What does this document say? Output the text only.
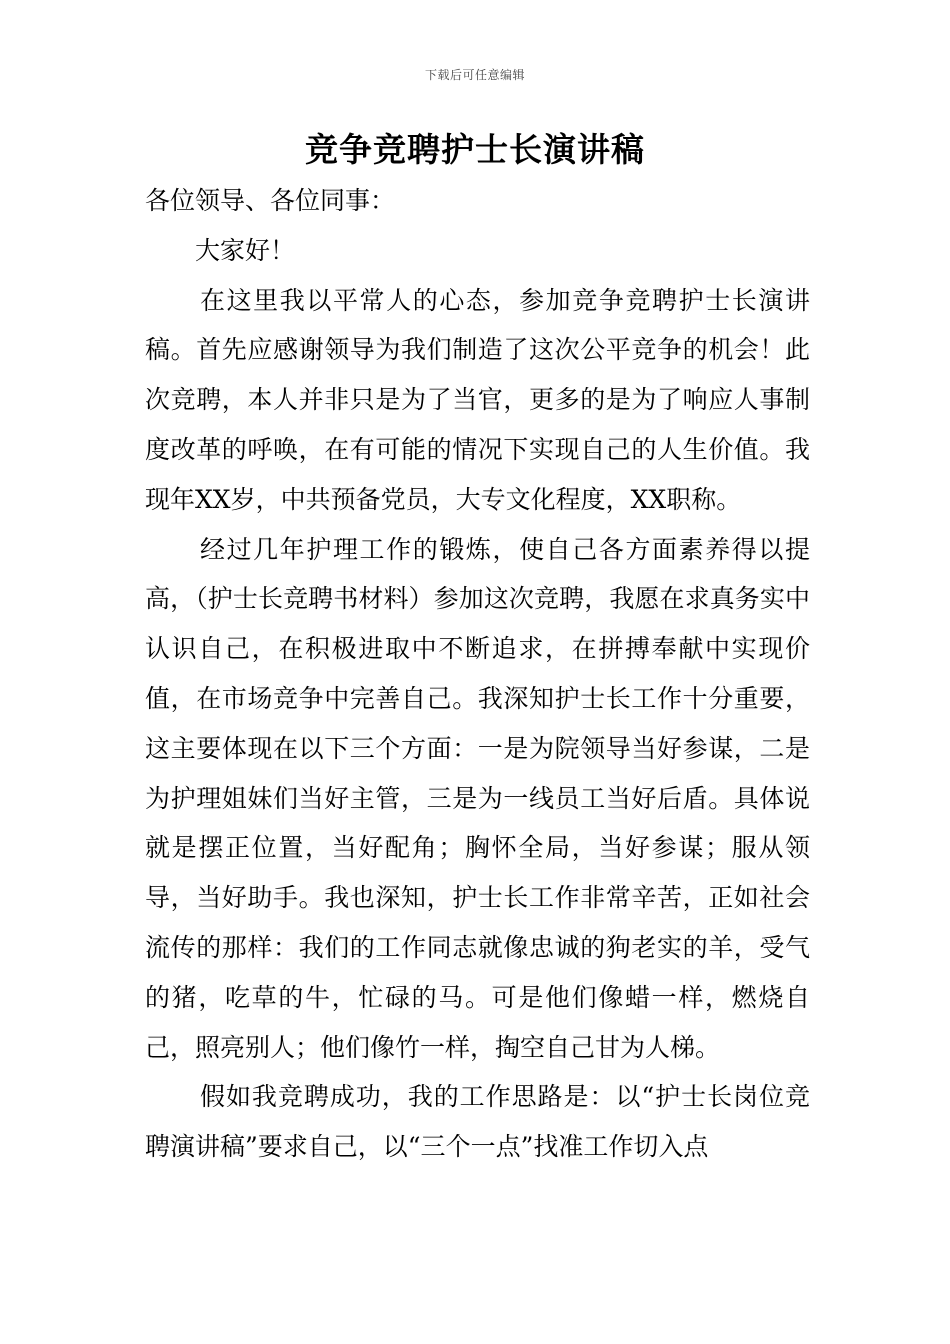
下载后可任意编辑
竞争竞聘护士长演讲稿

各位领导、各位同事：

大家好！

在这里我以平常人的心态，参加竞争竞聘护士长演讲稿。首先应感谢领导为我们制造了这次公平竞争的机会！此次竞聘，本人并非只是为了当官，更多的是为了响应人事制度改革的呼唤，在有可能的情况下实现自己的人生价值。我现年XX岁，中共预备党员，大专文化程度，XX职称。

经过几年护理工作的锻炼，使自己各方面素养得以提高，（护士长竞聘书材料）参加这次竞聘，我愿在求真务实中认识自己，在积极进取中不断追求，在拼搏奉献中实现价值，在市场竞争中完善自己。我深知护士长工作十分重要，这主要体现在以下三个方面：一是为院领导当好参谋，二是为护理姐妹们当好主管，三是为一线员工当好后盾。具体说就是摆正位置，当好配角；胸怀全局，当好参谋；服从领导，当好助手。我也深知，护士长工作非常辛苦，正如社会流传的那样：我们的工作同志就像忠诚的狗老实的羊，受气的猪，吃草的牛，忙碌的马。可是他们像蜡一样，燃烧自己，照亮别人；他们像竹一样，掏空自己甘为人梯。

假如我竞聘成功，我的工作思路是：以“护士长岗位竞聘演讲稿”要求自己，以“三个一点”找准工作切入点
